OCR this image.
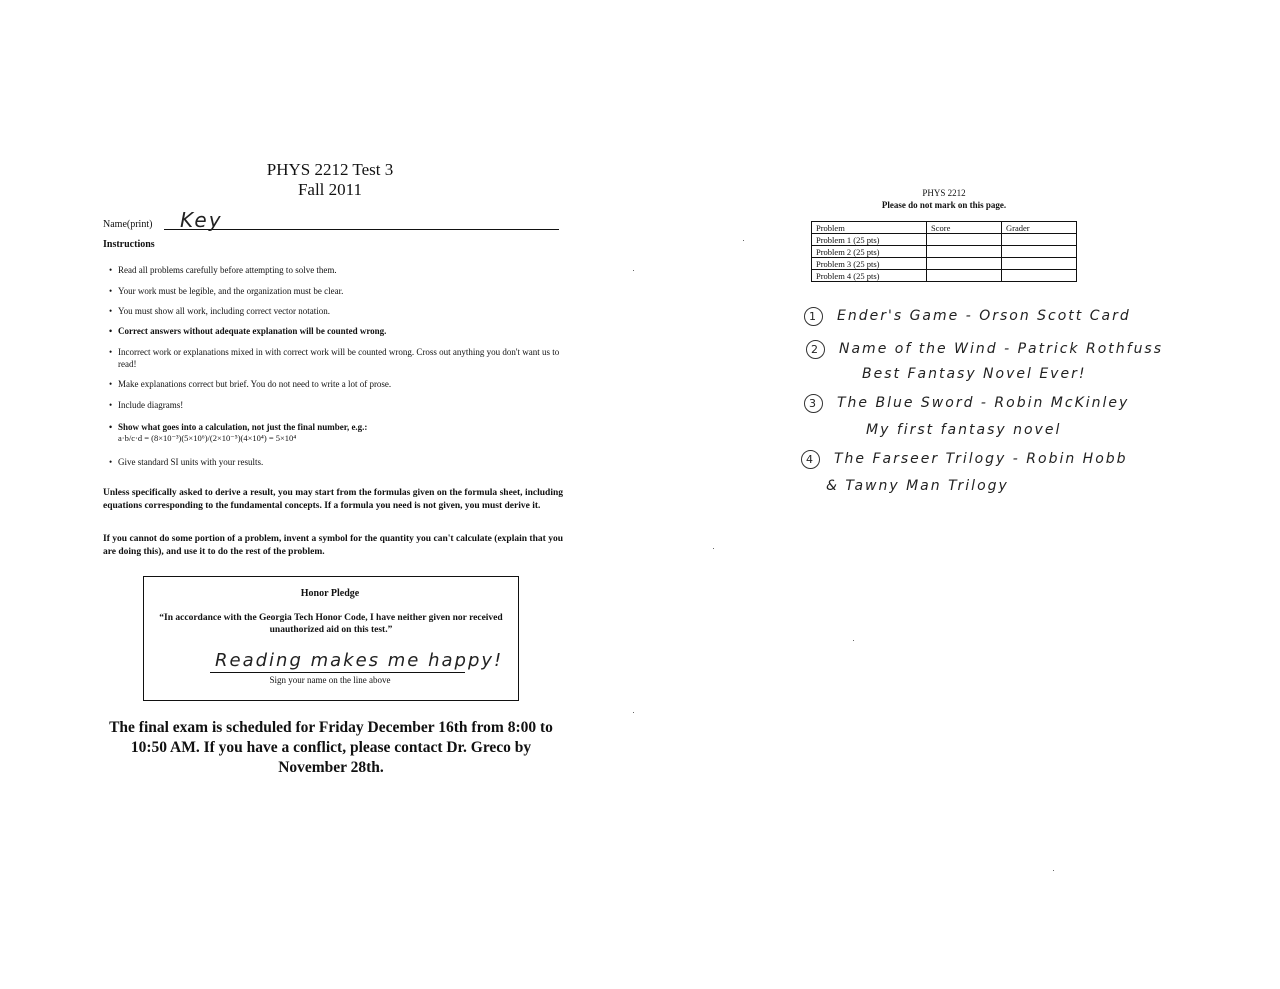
PHYS 2212 Test 3
Fall 2011
Name(print) Key
Instructions
• Read all problems carefully before attempting to solve them.
• Your work must be legible, and the organization must be clear.
• You must show all work, including correct vector notation.
• Correct answers without adequate explanation will be counted wrong.
• Incorrect work or explanations mixed in with correct work will be counted wrong. Cross out anything you don't want us to read!
• Make explanations correct but brief. You do not need to write a lot of prose.
• Include diagrams!
• Show what goes into a calculation, not just the final number, e.g.:
a·b/c·d = (8×10⁻³)(5×10⁶)/(2×10⁻⁵)(4×10⁴) = 5×10⁴
• Give standard SI units with your results.
Unless specifically asked to derive a result, you may start from the formulas given on the formula sheet, including equations corresponding to the fundamental concepts. If a formula you need is not given, you must derive it.
If you cannot do some portion of a problem, invent a symbol for the quantity you can't calculate (explain that you are doing this), and use it to do the rest of the problem.
Honor Pledge
“In accordance with the Georgia Tech Honor Code, I have neither given nor received unauthorized aid on this test.”
Reading makes me happy!
Sign your name on the line above
The final exam is scheduled for Friday December 16th from 8:00 to 10:50 AM. If you have a conflict, please contact Dr. Greco by November 28th.
PHYS 2212
Please do not mark on this page.
Problem	Score	Grader
Problem 1 (25 pts)		
Problem 2 (25 pts)		
Problem 3 (25 pts)		
Problem 4 (25 pts)		
1 Ender's Game - Orson Scott Card
2 Name of the Wind - Patrick Rothfuss
Best Fantasy Novel Ever!
3 The Blue Sword - Robin McKinley
My first fantasy novel
4 The Farseer Trilogy - Robin Hobb
& Tawny Man Trilogy
